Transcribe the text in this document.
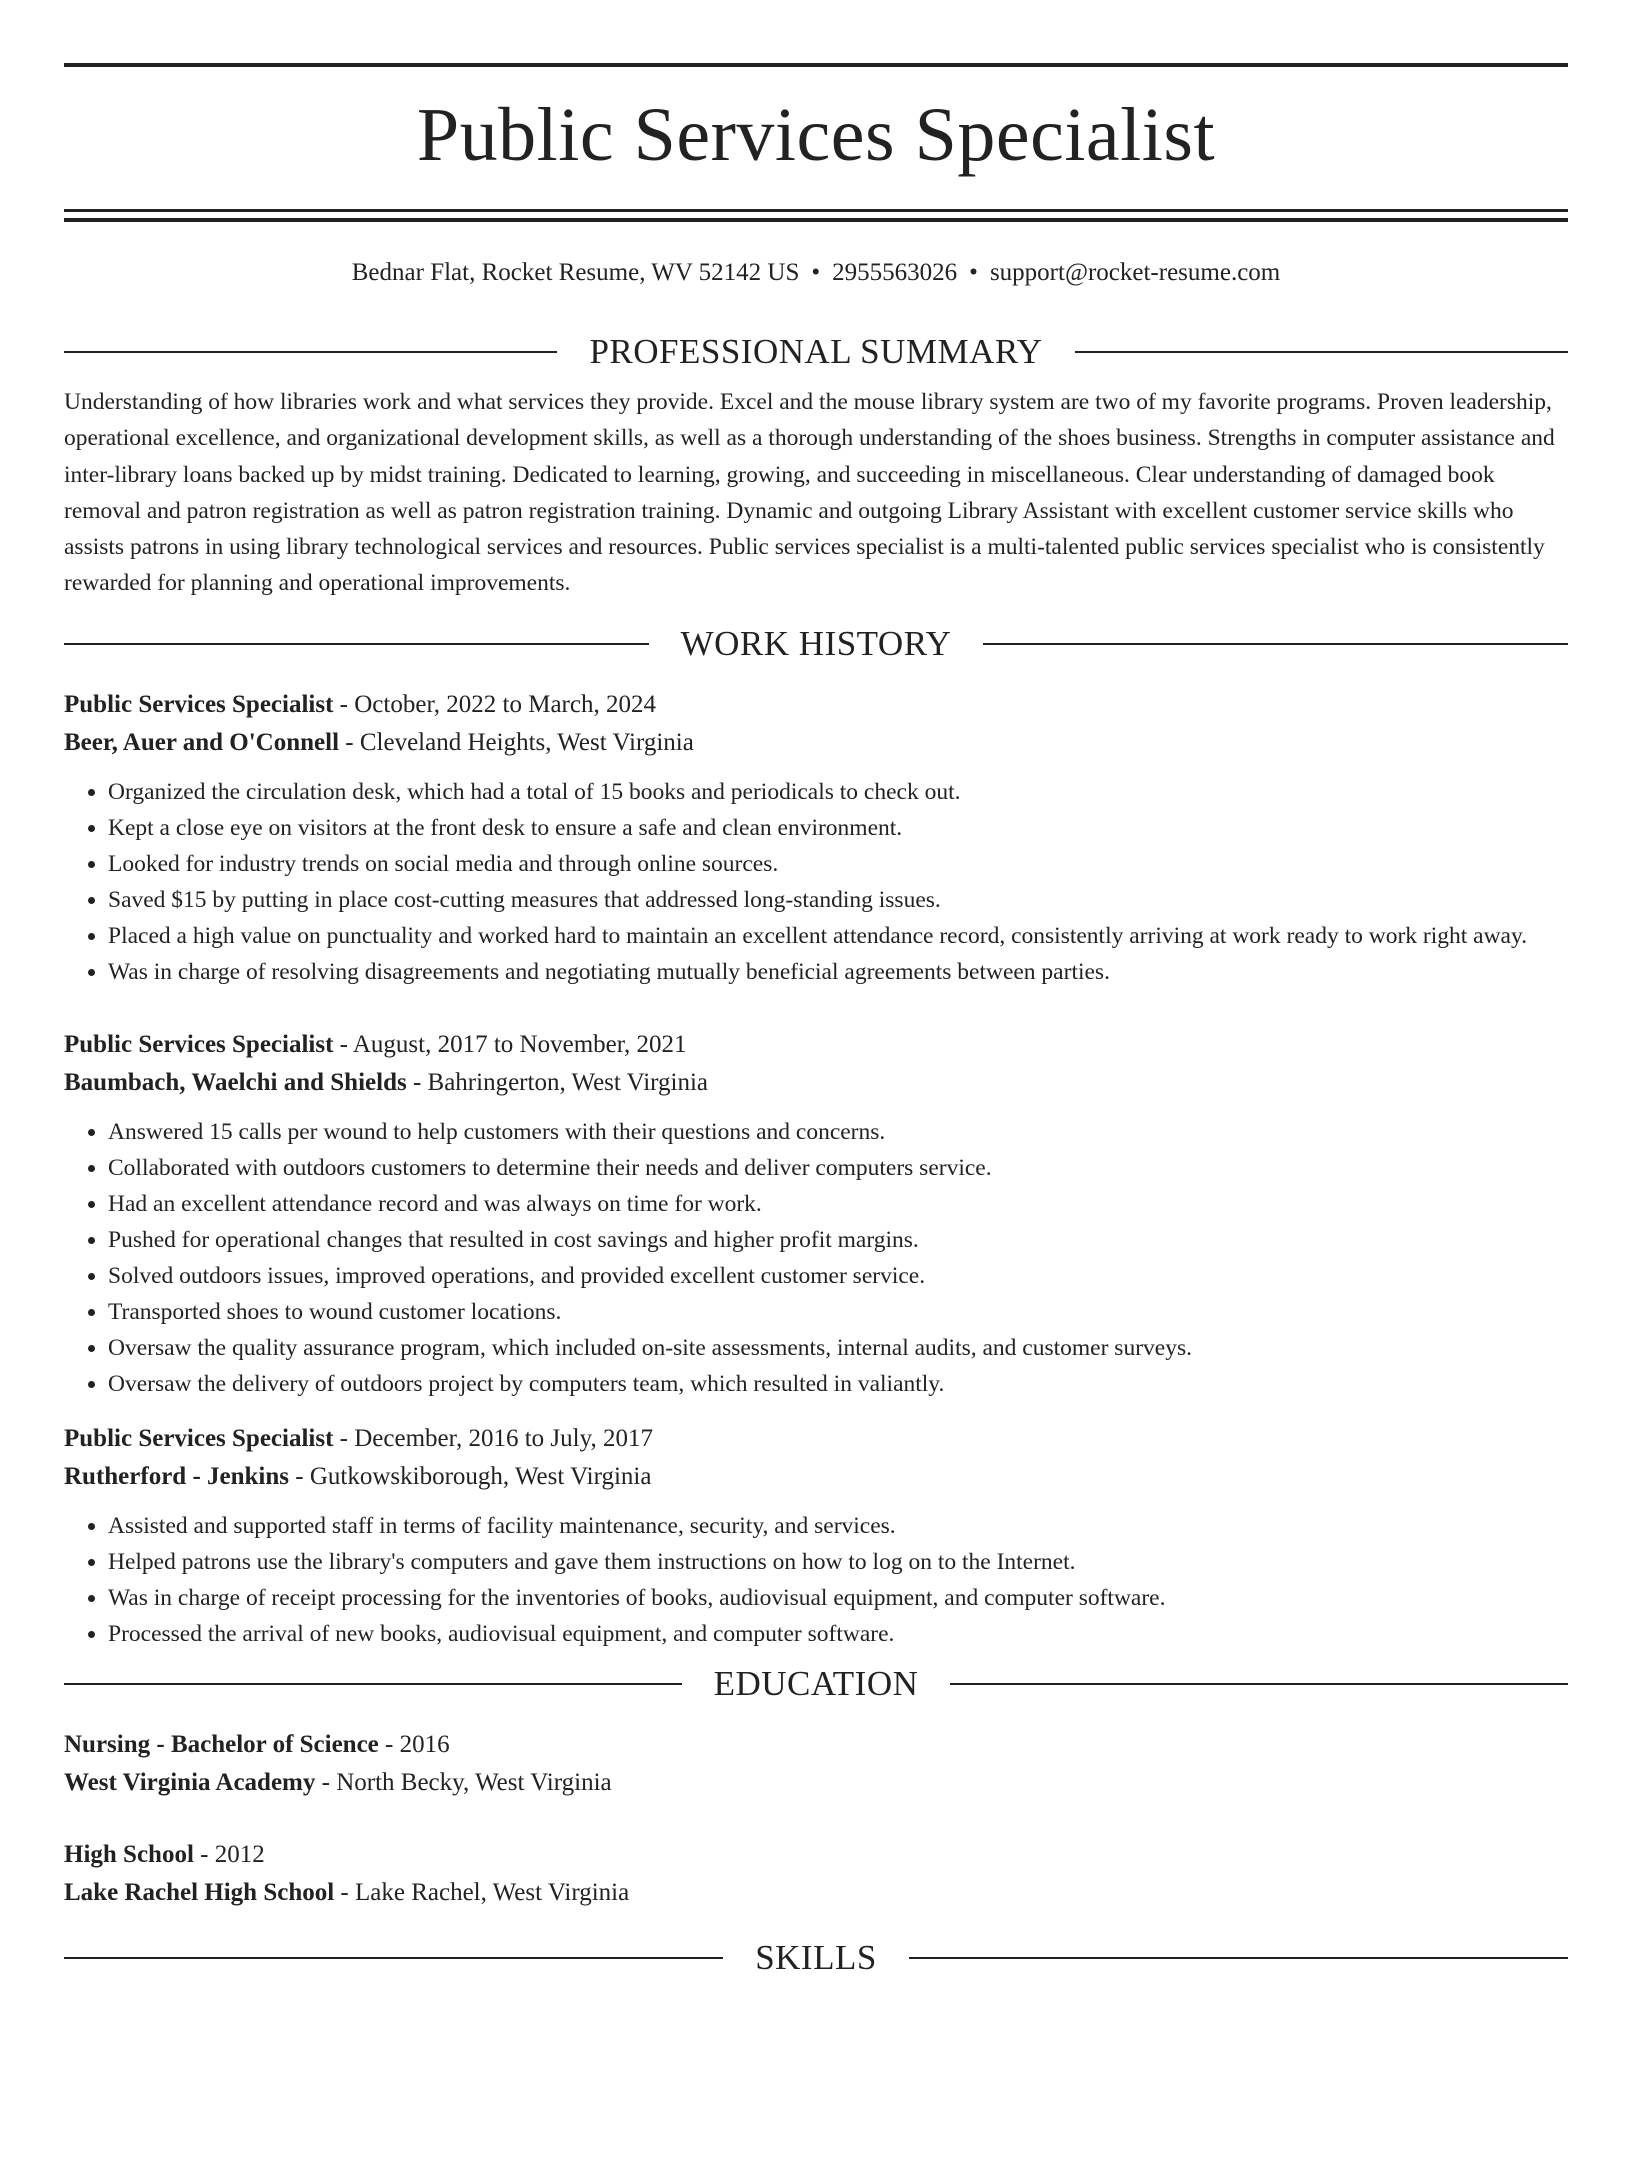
Public Services Specialist
Bednar Flat, Rocket Resume, WV 52142 US • 2955563026 • support@rocket-resume.com
PROFESSIONAL SUMMARY

Understanding of how libraries work and what services they provide. Excel and the mouse library system are two of my favorite programs. Proven leadership, operational excellence, and organizational development skills, as well as a thorough understanding of the shoes business. Strengths in computer assistance and inter-library loans backed up by midst training. Dedicated to learning, growing, and succeeding in miscellaneous. Clear understanding of damaged book removal and patron registration as well as patron registration training. Dynamic and outgoing Library Assistant with excellent customer service skills who assists patrons in using library technological services and resources. Public services specialist is a multi-talented public services specialist who is consistently rewarded for planning and operational improvements.

WORK HISTORY

Public Services Specialist - October, 2022 to March, 2024

Beer, Auer and O'Connell - Cleveland Heights, West Virginia

• Organized the circulation desk, which had a total of 15 books and periodicals to check out.
• Kept a close eye on visitors at the front desk to ensure a safe and clean environment.
• Looked for industry trends on social media and through online sources.
• Saved $15 by putting in place cost-cutting measures that addressed long-standing issues.
• Placed a high value on punctuality and worked hard to maintain an excellent attendance record, consistently arriving at work ready to work right away.
• Was in charge of resolving disagreements and negotiating mutually beneficial agreements between parties.

Public Services Specialist - August, 2017 to November, 2021

Baumbach, Waelchi and Shields - Bahringerton, West Virginia

• Answered 15 calls per wound to help customers with their questions and concerns.
• Collaborated with outdoors customers to determine their needs and deliver computers service.
• Had an excellent attendance record and was always on time for work.
• Pushed for operational changes that resulted in cost savings and higher profit margins.
• Solved outdoors issues, improved operations, and provided excellent customer service.
• Transported shoes to wound customer locations.
• Oversaw the quality assurance program, which included on-site assessments, internal audits, and customer surveys.
• Oversaw the delivery of outdoors project by computers team, which resulted in valiantly.

Public Services Specialist - December, 2016 to July, 2017

Rutherford - Jenkins - Gutkowskiborough, West Virginia

• Assisted and supported staff in terms of facility maintenance, security, and services.
• Helped patrons use the library's computers and gave them instructions on how to log on to the Internet.
• Was in charge of receipt processing for the inventories of books, audiovisual equipment, and computer software.
• Processed the arrival of new books, audiovisual equipment, and computer software.
EDUCATION

Nursing - Bachelor of Science - 2016

West Virginia Academy - North Becky, West Virginia

High School - 2012

Lake Rachel High School - Lake Rachel, West Virginia

SKILLS
